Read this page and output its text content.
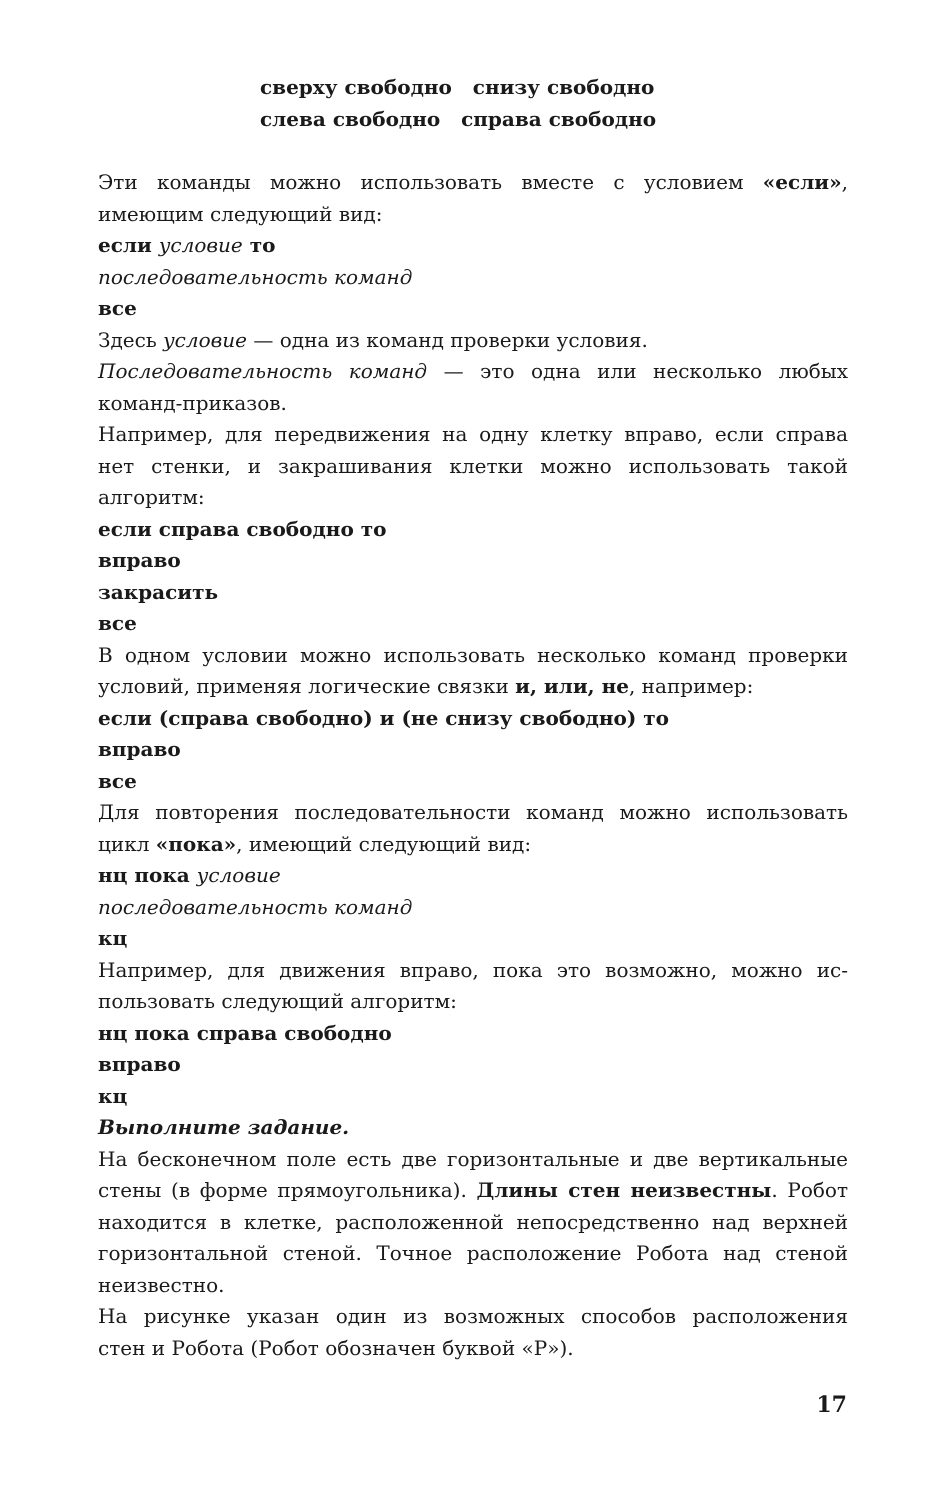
сверху свободно   снизу свободно
слева свободно   справа свободно
Эти команды можно использовать вместе с условием «если»,
имеющим следующий вид:
если условие то
последовательность команд
все
Здесь условие — одна из команд проверки условия.
Последовательность команд — это одна или несколько любых
команд-приказов.
Например, для передвижения на одну клетку вправо, если справа
нет стенки, и закрашивания клетки можно использовать такой
алгоритм:
если справа свободно то
вправо
закрасить
все
В одном условии можно использовать несколько команд проверки
условий, применяя логические связки и, или, не, например:
если (справа свободно) и (не снизу свободно) то
вправо
все
Для повторения последовательности команд можно использовать
цикл «пока», имеющий следующий вид:
нц пока условие
последовательность команд
кц
Например, для движения вправо, пока это возможно, можно ис-
пользовать следующий алгоритм:
нц пока справа свободно
вправо
кц
Выполните задание.
На бесконечном поле есть две горизонтальные и две вертикальные
стены (в форме прямоугольника). Длины стен неизвестны. Робот
находится в клетке, расположенной непосредственно над верхней
горизонтальной стеной. Точное расположение Робота над стеной
неизвестно.
На рисунке указан один из возможных способов расположения
стен и Робота (Робот обозначен буквой «Р»).
17
